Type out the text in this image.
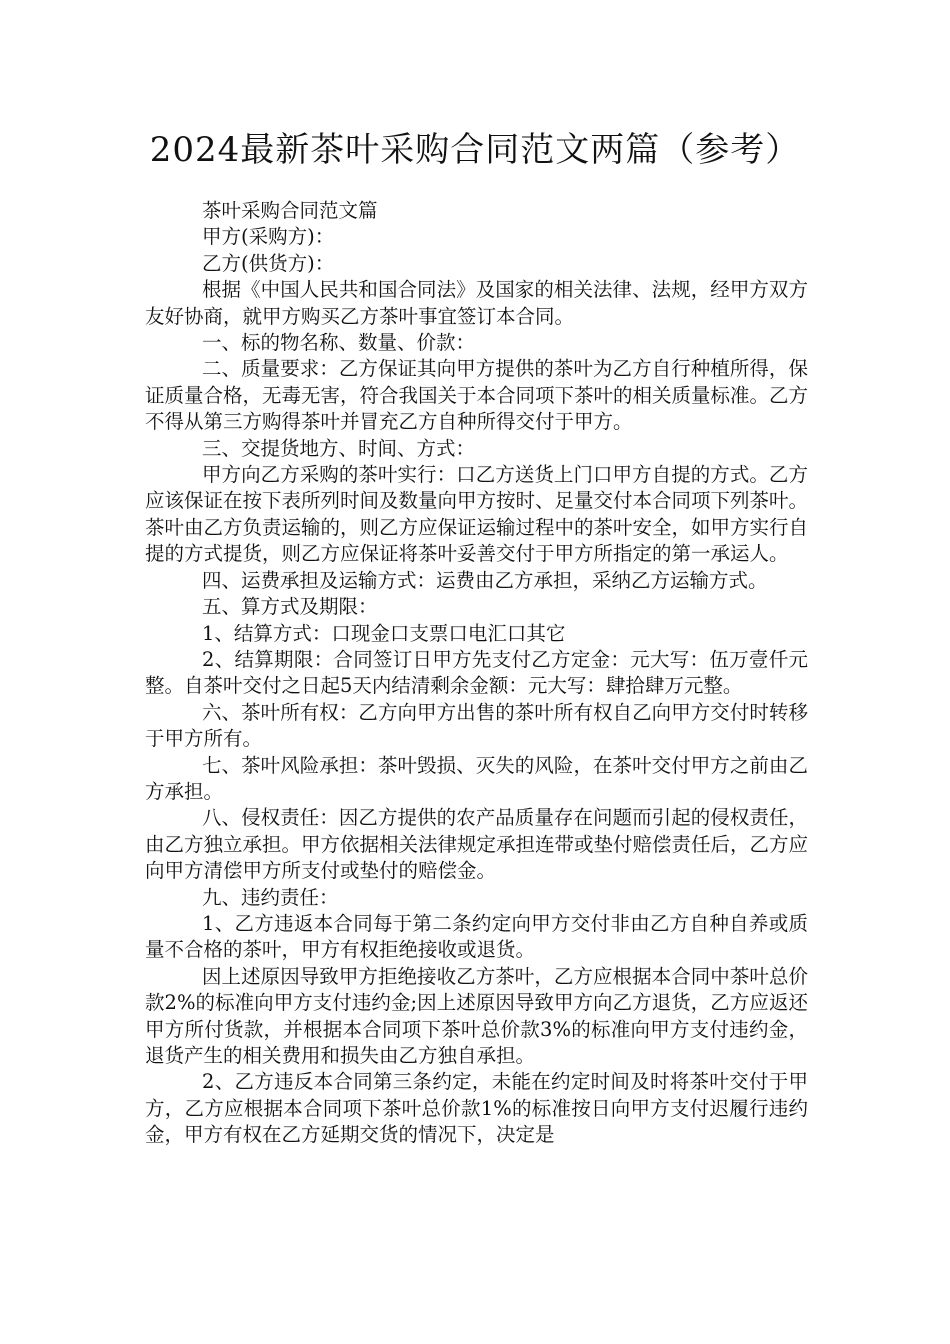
2024最新茶叶采购合同范文两篇（参考）

茶叶采购合同范文篇

甲方(采购方)：

乙方(供货方)：

根据《中国人民共和国合同法》及国家的相关法律、法规，经甲方双方友好协商，就甲方购买乙方茶叶事宜签订本合同。

一、标的物名称、数量、价款：

二、质量要求：乙方保证其向甲方提供的茶叶为乙方自行种植所得，保证质量合格，无毒无害，符合我国关于本合同项下茶叶的相关质量标准。乙方不得从第三方购得茶叶并冒充乙方自种所得交付于甲方。

三、交提货地方、时间、方式：

甲方向乙方采购的茶叶实行：口乙方送货上门口甲方自提的方式。乙方应该保证在按下表所列时间及数量向甲方按时、足量交付本合同项下列茶叶。茶叶由乙方负责运输的，则乙方应保证运输过程中的茶叶安全，如甲方实行自提的方式提货，则乙方应保证将茶叶妥善交付于甲方所指定的第一承运人。

四、运费承担及运输方式：运费由乙方承担，采纳乙方运输方式。

五、算方式及期限：

1、结算方式：口现金口支票口电汇口其它

2、结算期限：合同签订日甲方先支付乙方定金：元大写：伍万壹仟元整。自茶叶交付之日起5天内结清剩余金额：元大写：肆拾肆万元整。

六、茶叶所有权：乙方向甲方出售的茶叶所有权自乙向甲方交付时转移于甲方所有。

七、茶叶风险承担：茶叶毁损、灭失的风险，在茶叶交付甲方之前由乙方承担。

八、侵权责任：因乙方提供的农产品质量存在问题而引起的侵权责任，由乙方独立承担。甲方依据相关法律规定承担连带或垫付赔偿责任后，乙方应向甲方清偿甲方所支付或垫付的赔偿金。

九、违约责任：

1、乙方违返本合同每于第二条约定向甲方交付非由乙方自种自养或质量不合格的茶叶，甲方有权拒绝接收或退货。

因上述原因导致甲方拒绝接收乙方茶叶，乙方应根据本合同中茶叶总价款2%的标准向甲方支付违约金;因上述原因导致甲方向乙方退货，乙方应返还甲方所付货款，并根据本合同项下茶叶总价款3%的标准向甲方支付违约金，退货产生的相关费用和损失由乙方独自承担。

2、乙方违反本合同第三条约定，未能在约定时间及时将茶叶交付于甲方，乙方应根据本合同项下茶叶总价款1%的标准按日向甲方支付迟履行违约金，甲方有权在乙方延期交货的情况下，决定是
